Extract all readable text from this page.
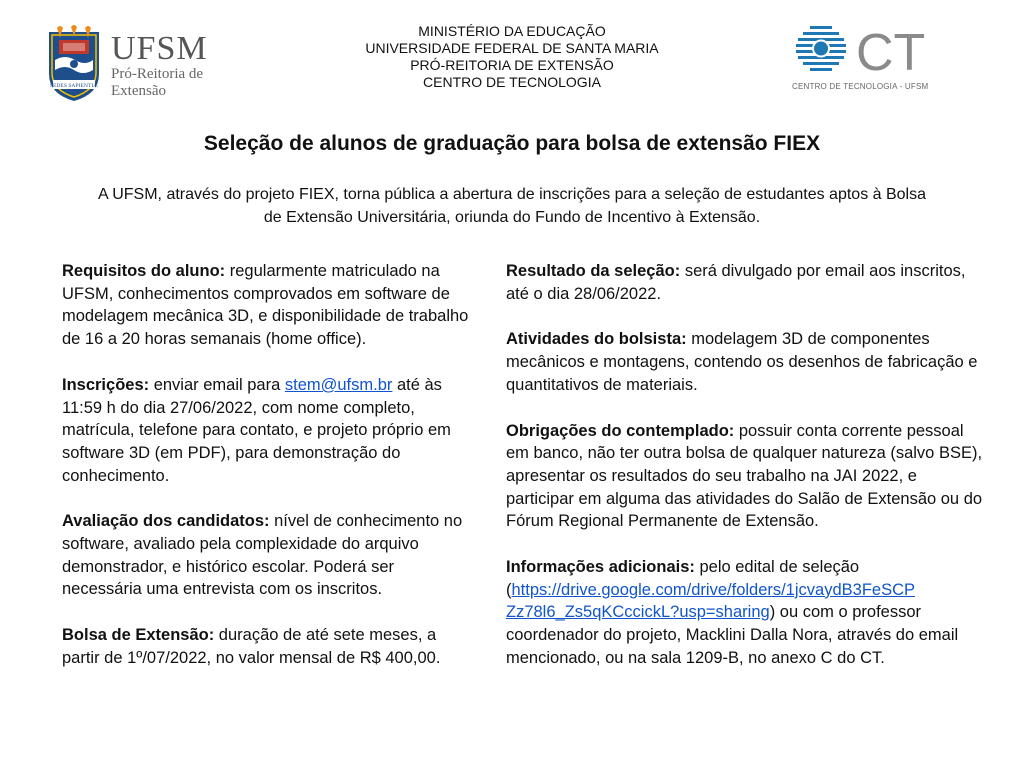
SEDES SAPIENTIÆ
UFSM
Pró-Reitoria de
Extensão
MINISTÉRIO DA EDUCAÇÃO
UNIVERSIDADE FEDERAL DE SANTA MARIA
PRÓ-REITORIA DE EXTENSÃO
CENTRO DE TECNOLOGIA	CT
CENTRO DE TECNOLOGIA - UFSM
Seleção de alunos de graduação para bolsa de extensão FIEX
A UFSM, através do projeto FIEX, torna pública a abertura de inscrições para a seleção de estudantes aptos à Bolsa de Extensão Universitária, oriunda do Fundo de Incentivo à Extensão.
Requisitos do aluno: regularmente matriculado na UFSM, conhecimentos comprovados em software de modelagem mecânica 3D, e disponibilidade de trabalho de 16 a 20 horas semanais (home office).
Inscrições: enviar email para stem@ufsm.br até às 11:59 h do dia 27/06/2022, com nome completo, matrícula, telefone para contato, e projeto próprio em software 3D (em PDF), para demonstração do conhecimento.
Avaliação dos candidatos: nível de conhecimento no software, avaliado pela complexidade do arquivo demonstrador, e histórico escolar. Poderá ser necessária uma entrevista com os inscritos.
Bolsa de Extensão: duração de até sete meses, a partir de 1º/07/2022, no valor mensal de R$ 400,00.
Resultado da seleção: será divulgado por email aos inscritos, até o dia 28/06/2022.
Atividades do bolsista: modelagem 3D de componentes mecânicos e montagens, contendo os desenhos de fabricação e quantitativos de materiais.
Obrigações do contemplado: possuir conta corrente pessoal em banco, não ter outra bolsa de qualquer natureza (salvo BSE), apresentar os resultados do seu trabalho na JAI 2022, e participar em alguma das atividades do Salão de Extensão ou do Fórum Regional Permanente de Extensão.
Informações adicionais: pelo edital de seleção (https://drive.google.com/drive/folders/1jcvaydB3FeSCP
Zz78l6_Zs5qKCccickL?usp=sharing) ou com o professor coordenador do projeto, Macklini Dalla Nora, através do email mencionado, ou na sala 1209-B, no anexo C do CT.
